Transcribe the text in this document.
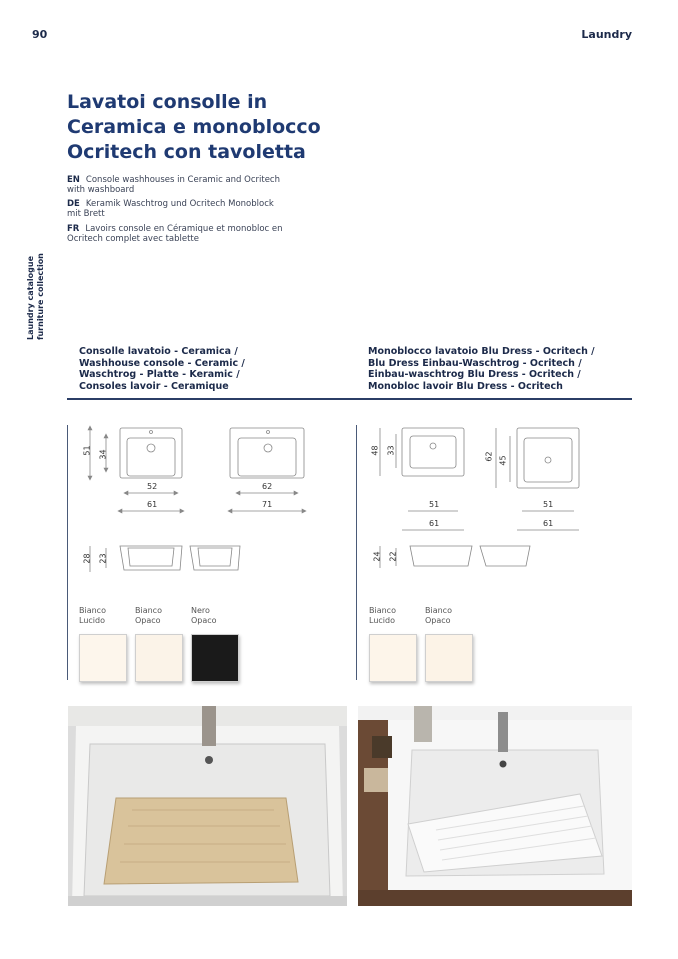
90	Laundry
Laundry catalogue furniture collection
Lavatoi consolle in
Ceramica e monoblocco
Ocritech con tavoletta
EN Console washhouses in Ceramic and Ocritech
with washboard
DE Keramik Waschtrog und Ocritech Monoblock
mit Brett
FR Lavoirs console en Céramique et monobloc en
Ocritech complet avec tablette
Consolle lavatoio - Ceramica /
Washhouse console - Ceramic /
Waschtrog - Platte - Keramic /
Consoles lavoir - Ceramique
Monoblocco lavatoio Blu Dress - Ocritech /
Blu Dress Einbau-Waschtrog - Ocritech /
Einbau-waschtrog Blu Dress - Ocritech /
Monobloc lavoir Blu Dress - Ocritech
51 34
52
61
62
71
28 23
48 33
62 45
51
61
51
61
24 22
Bianco
Lucido
Bianco
Opaco
Nero
Opaco
Bianco
Lucido
Bianco
Opaco
